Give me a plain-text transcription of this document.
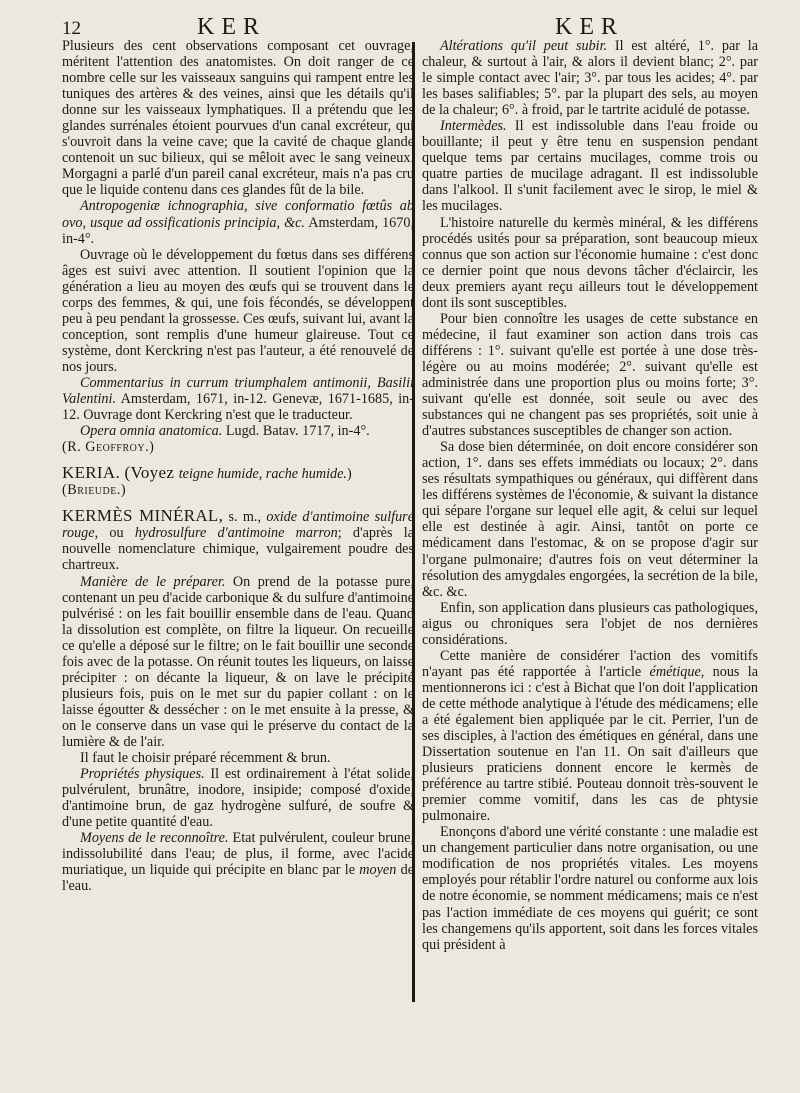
12	KER	KER

Plusieurs des cent observations composant cet ouvrage, méritent l'attention des anatomistes. On doit ranger de ce nombre celle sur les vaisseaux sanguins qui rampent entre les tuniques des artères & des veines, ainsi que les détails qu'il donne sur les vaisseaux lymphatiques. Il a prétendu que les glandes surrénales étoient pourvues d'un canal excréteur, qui s'ouvroit dans la veine cave; que la cavité de chaque glande contenoit un suc bilieux, qui se mêloit avec le sang veineux. Morgagni a parlé d'un pareil canal excréteur, mais n'a pas cru que le liquide contenu dans ces glandes fût de la bile.

Antropogeniæ ichnographia, sive conformatio fœtûs ab ovo, usque ad ossificationis principia, &c. Amsterdam, 1670, in-4°.

Ouvrage où le développement du fœtus dans ses différens âges est suivi avec attention. Il soutient l'opinion que la génération a lieu au moyen des œufs qui se trouvent dans le corps des femmes, & qui, une fois fécondés, se développent peu à peu pendant la grossesse. Ces œufs, suivant lui, avant la conception, sont remplis d'une humeur glaireuse. Tout ce système, dont Kerckring n'est pas l'auteur, a été renouvelé de nos jours.

Commentarius in currum triumphalem antimonii, Basilii Valentini. Amsterdam, 1671, in-12. Genevæ, 1671-1685, in-12. Ouvrage dont Kerckring n'est que le traducteur.

Opera omnia anatomica. Lugd. Batav. 1717, in-4°.

(R. Geoffroy.)

KERIA. (Voyez teigne humide, rache humide.)

(Brieude.)

KERMÈS MINÉRAL, s. m., oxide d'antimoine sulfuré rouge, ou hydrosulfure d'antimoine marron; d'après la nouvelle nomenclature chimique, vulgairement poudre des chartreux.

Manière de le préparer. On prend de la potasse pure, contenant un peu d'acide carbonique & du sulfure d'antimoine pulvérisé : on les fait bouillir ensemble dans de l'eau. Quand la dissolution est complète, on filtre la liqueur. On recueille ce qu'elle a déposé sur le filtre; on le fait bouillir une seconde fois avec de la potasse. On réunit toutes les liqueurs, on laisse précipiter : on décante la liqueur, & on lave le précipité plusieurs fois, puis on le met sur du papier collant : on le laisse égoutter & dessécher : on le met ensuite à la presse, & on le conserve dans un vase qui le préserve du contact de la lumière & de l'air.

Il faut le choisir préparé récemment & brun.

Propriétés physiques. Il est ordinairement à l'état solide, pulvérulent, brunâtre, inodore, insipide; composé d'oxide, d'antimoine brun, de gaz hydrogène sulfuré, de soufre & d'une petite quantité d'eau.

Moyens de le reconnoître. Etat pulvérulent, couleur brune, indissolubilité dans l'eau; de plus, il forme, avec l'acide muriatique, un liquide qui précipite en blanc par le moyen de l'eau.

Altérations qu'il peut subir. Il est altéré, 1°. par la chaleur, & surtout à l'air, & alors il devient blanc; 2°. par le simple contact avec l'air; 3°. par tous les acides; 4°. par les bases salifiables; 5°. par la plupart des sels, au moyen de la chaleur; 6°. à froid, par le tartrite acidulé de potasse.

Intermèdes. Il est indissoluble dans l'eau froide ou bouillante; il peut y être tenu en suspension pendant quelque tems par certains mucilages, comme trois ou quatre parties de mucilage adragant. Il est indissoluble dans l'alkool. Il s'unit facilement avec le sirop, le miel & les mucilages.

L'histoire naturelle du kermès minéral, & les différens procédés usités pour sa préparation, sont beaucoup mieux connus que son action sur l'économie humaine : c'est donc ce dernier point que nous devons tâcher d'éclaircir, les deux premiers ayant reçu ailleurs tout le développement dont ils sont susceptibles.

Pour bien connoître les usages de cette substance en médecine, il faut examiner son action dans trois cas différens : 1°. suivant qu'elle est portée à une dose très-légère ou au moins modérée; 2°. suivant qu'elle est administrée dans une proportion plus ou moins forte; 3°. suivant qu'elle est donnée, soit seule ou avec des substances qui ne changent pas ses propriétés, soit unie à d'autres substances susceptibles de changer son action.

Sa dose bien déterminée, on doit encore considérer son action, 1°. dans ses effets immédiats ou locaux; 2°. dans ses résultats sympathiques ou généraux, qui diffèrent dans les différens systèmes de l'économie, & suivant la distance qui sépare l'organe sur lequel elle agit, & celui sur lequel elle est destinée à agir. Ainsi, tantôt on porte ce médicament dans l'estomac, & on se propose d'agir sur l'organe pulmonaire; d'autres fois on veut déterminer la résolution des amygdales engorgées, la secrétion de la bile, &c. &c.

Enfin, son application dans plusieurs cas pathologiques, aigus ou chroniques sera l'objet de nos dernières considérations.

Cette manière de considérer l'action des vomitifs n'ayant pas été rapportée à l'article émétique, nous la mentionnerons ici : c'est à Bichat que l'on doit l'application de cette méthode analytique à l'étude des médicamens; elle a été également bien appliquée par le cit. Perrier, l'un de ses disciples, à l'action des émétiques en général, dans une Dissertation soutenue en l'an 11. On sait d'ailleurs que plusieurs praticiens donnent encore le kermès de préférence au tartre stibié. Pouteau donnoit très-souvent le premier comme vomitif, dans les cas de phtysie pulmonaire.

Enonçons d'abord une vérité constante : une maladie est un changement particulier dans notre organisation, ou une modification de nos propriétés vitales. Les moyens employés pour rétablir l'ordre naturel ou conforme aux lois de notre économie, se nomment médicamens; mais ce n'est pas l'action immédiate de ces moyens qui guérit; ce sont les changemens qu'ils apportent, soit dans les forces vitales qui président à
